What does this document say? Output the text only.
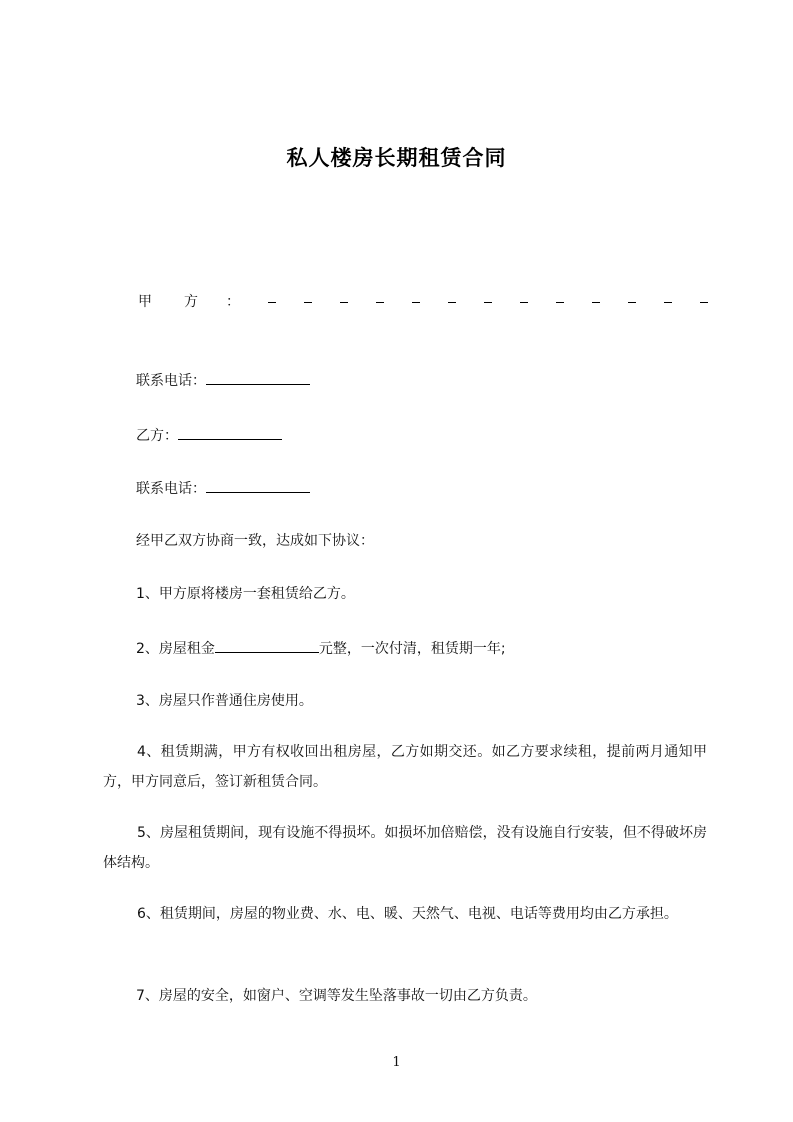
私人楼房长期租赁合同
甲 方 ：
联系电话：
乙方：
联系电话：
经甲乙双方协商一致，达成如下协议：
1、甲方原将楼房一套租赁给乙方。
2、房屋租金	元整，一次付清，租赁期一年;
3、房屋只作普通住房使用。
4、租赁期满，甲方有权收回出租房屋，乙方如期交还。如乙方要求续租，提前两月通知甲方，甲方同意后，签订新租赁合同。
5、房屋租赁期间，现有设施不得损坏。如损坏加倍赔偿，没有设施自行安装，但不得破坏房体结构。
6、租赁期间，房屋的物业费、水、电、暖、天然气、电视、电话等费用均由乙方承担。
7、房屋的安全，如窗户、空调等发生坠落事故一切由乙方负责。
1
